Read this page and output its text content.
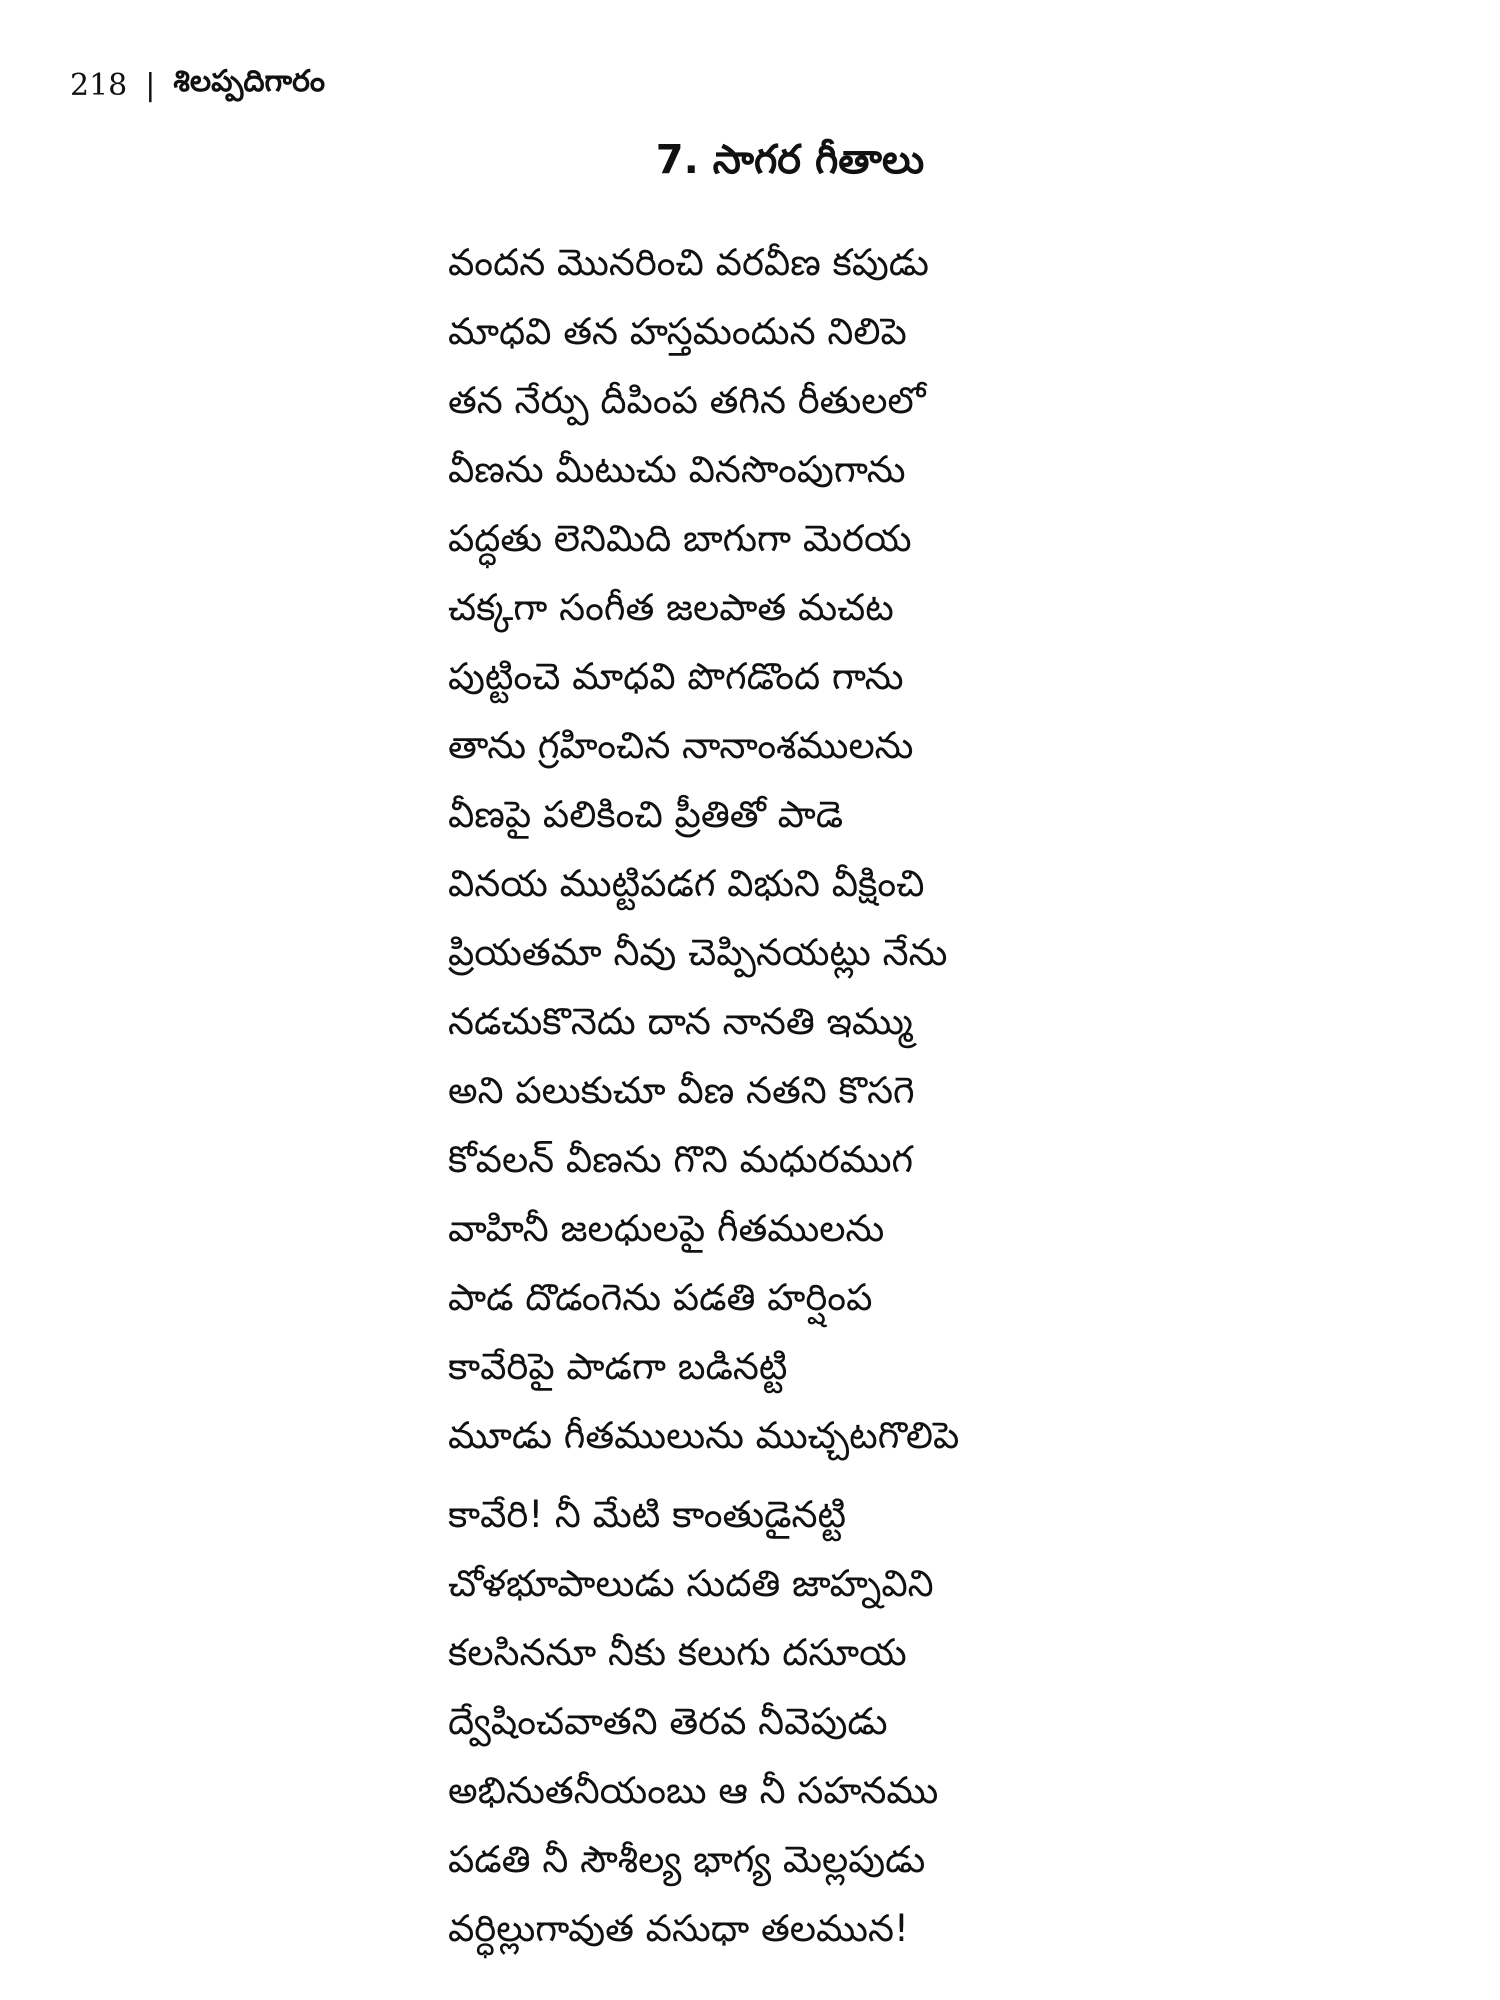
218 | శిలప్పదిగారం
7. సాగర గీతాలు
వందన మొనరించి వరవీణ కపుడు
మాధవి తన హస్తమందున నిలిపె
తన నేర్పు దీపింప తగిన రీతులలో
వీణను మీటుచు వినసొంపుగాను
పద్ధతు లెనిమిది బాగుగా మెరయ
చక్కగా సంగీత జలపాత మచట
పుట్టించె మాధవి పొగడొంద గాను
తాను గ్రహించిన నానాంశములను
వీణపై పలికించి ప్రీతితో పాడె
వినయ ముట్టిపడగ విభుని వీక్షించి
ప్రియతమా నీవు చెప్పినయట్లు నేను
నడచుకొనెదు దాన నానతి ఇమ్ము
అని పలుకుచూ వీణ నతని కొసగె
కోవలన్ వీణను గొని మధురముగ
వాహినీ జలధులపై గీతములను
పాడ దొడంగెను పడతి హర్షింప
కావేరిపై పాడగా బడినట్టి
మూడు గీతములును ముచ్చటగొలిపె
కావేరి! నీ మేటి కాంతుడైనట్టి
చోళభూపాలుడు సుదతి జాహ్నవిని
కలసిననూ నీకు కలుగు దసూయ
ద్వేషించవాతని తెరవ నీవెపుడు
అభినుతనీయంబు ఆ నీ సహనము
పడతి నీ సౌశీల్య భాగ్య మెల్లపుడు
వర్ధిల్లుగావుత వసుధా తలమున!
